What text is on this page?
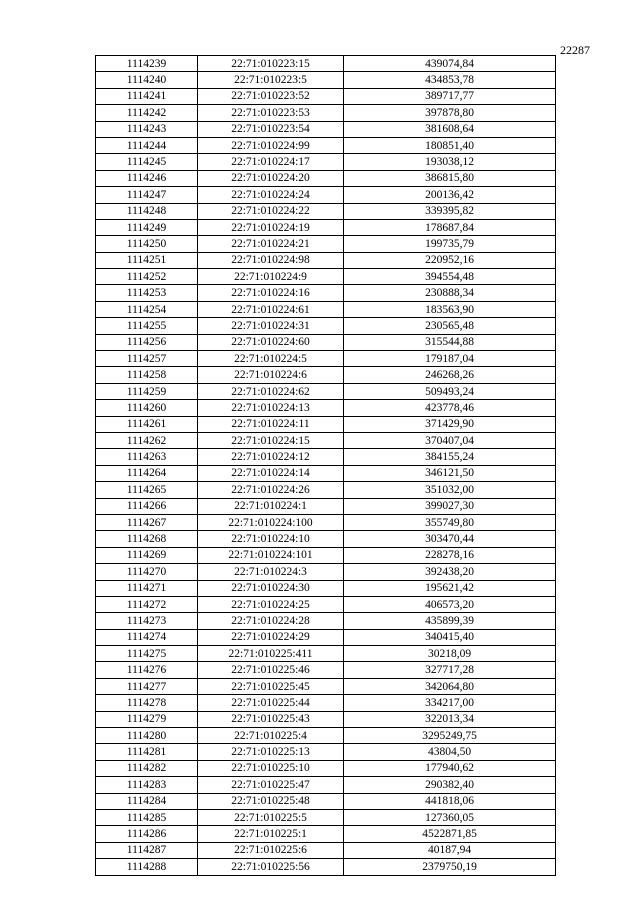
22287
1114239	22:71:010223:15	439074,84
1114240	22:71:010223:5	434853,78
1114241	22:71:010223:52	389717,77
1114242	22:71:010223:53	397878,80
1114243	22:71:010223:54	381608,64
1114244	22:71:010224:99	180851,40
1114245	22:71:010224:17	193038,12
1114246	22:71:010224:20	386815,80
1114247	22:71:010224:24	200136,42
1114248	22:71:010224:22	339395,82
1114249	22:71:010224:19	178687,84
1114250	22:71:010224:21	199735,79
1114251	22:71:010224:98	220952,16
1114252	22:71:010224:9	394554,48
1114253	22:71:010224:16	230888,34
1114254	22:71:010224:61	183563,90
1114255	22:71:010224:31	230565,48
1114256	22:71:010224:60	315544,88
1114257	22:71:010224:5	179187,04
1114258	22:71:010224:6	246268,26
1114259	22:71:010224:62	509493,24
1114260	22:71:010224:13	423778,46
1114261	22:71:010224:11	371429,90
1114262	22:71:010224:15	370407,04
1114263	22:71:010224:12	384155,24
1114264	22:71:010224:14	346121,50
1114265	22:71:010224:26	351032,00
1114266	22:71:010224:1	399027,30
1114267	22:71:010224:100	355749,80
1114268	22:71:010224:10	303470,44
1114269	22:71:010224:101	228278,16
1114270	22:71:010224:3	392438,20
1114271	22:71:010224:30	195621,42
1114272	22:71:010224:25	406573,20
1114273	22:71:010224:28	435899,39
1114274	22:71:010224:29	340415,40
1114275	22:71:010225:411	30218,09
1114276	22:71:010225:46	327717,28
1114277	22:71:010225:45	342064,80
1114278	22:71:010225:44	334217,00
1114279	22:71:010225:43	322013,34
1114280	22:71:010225:4	3295249,75
1114281	22:71:010225:13	43804,50
1114282	22:71:010225:10	177940,62
1114283	22:71:010225:47	290382,40
1114284	22:71:010225:48	441818,06
1114285	22:71:010225:5	127360,05
1114286	22:71:010225:1	4522871,85
1114287	22:71:010225:6	40187,94
1114288	22:71:010225:56	2379750,19
